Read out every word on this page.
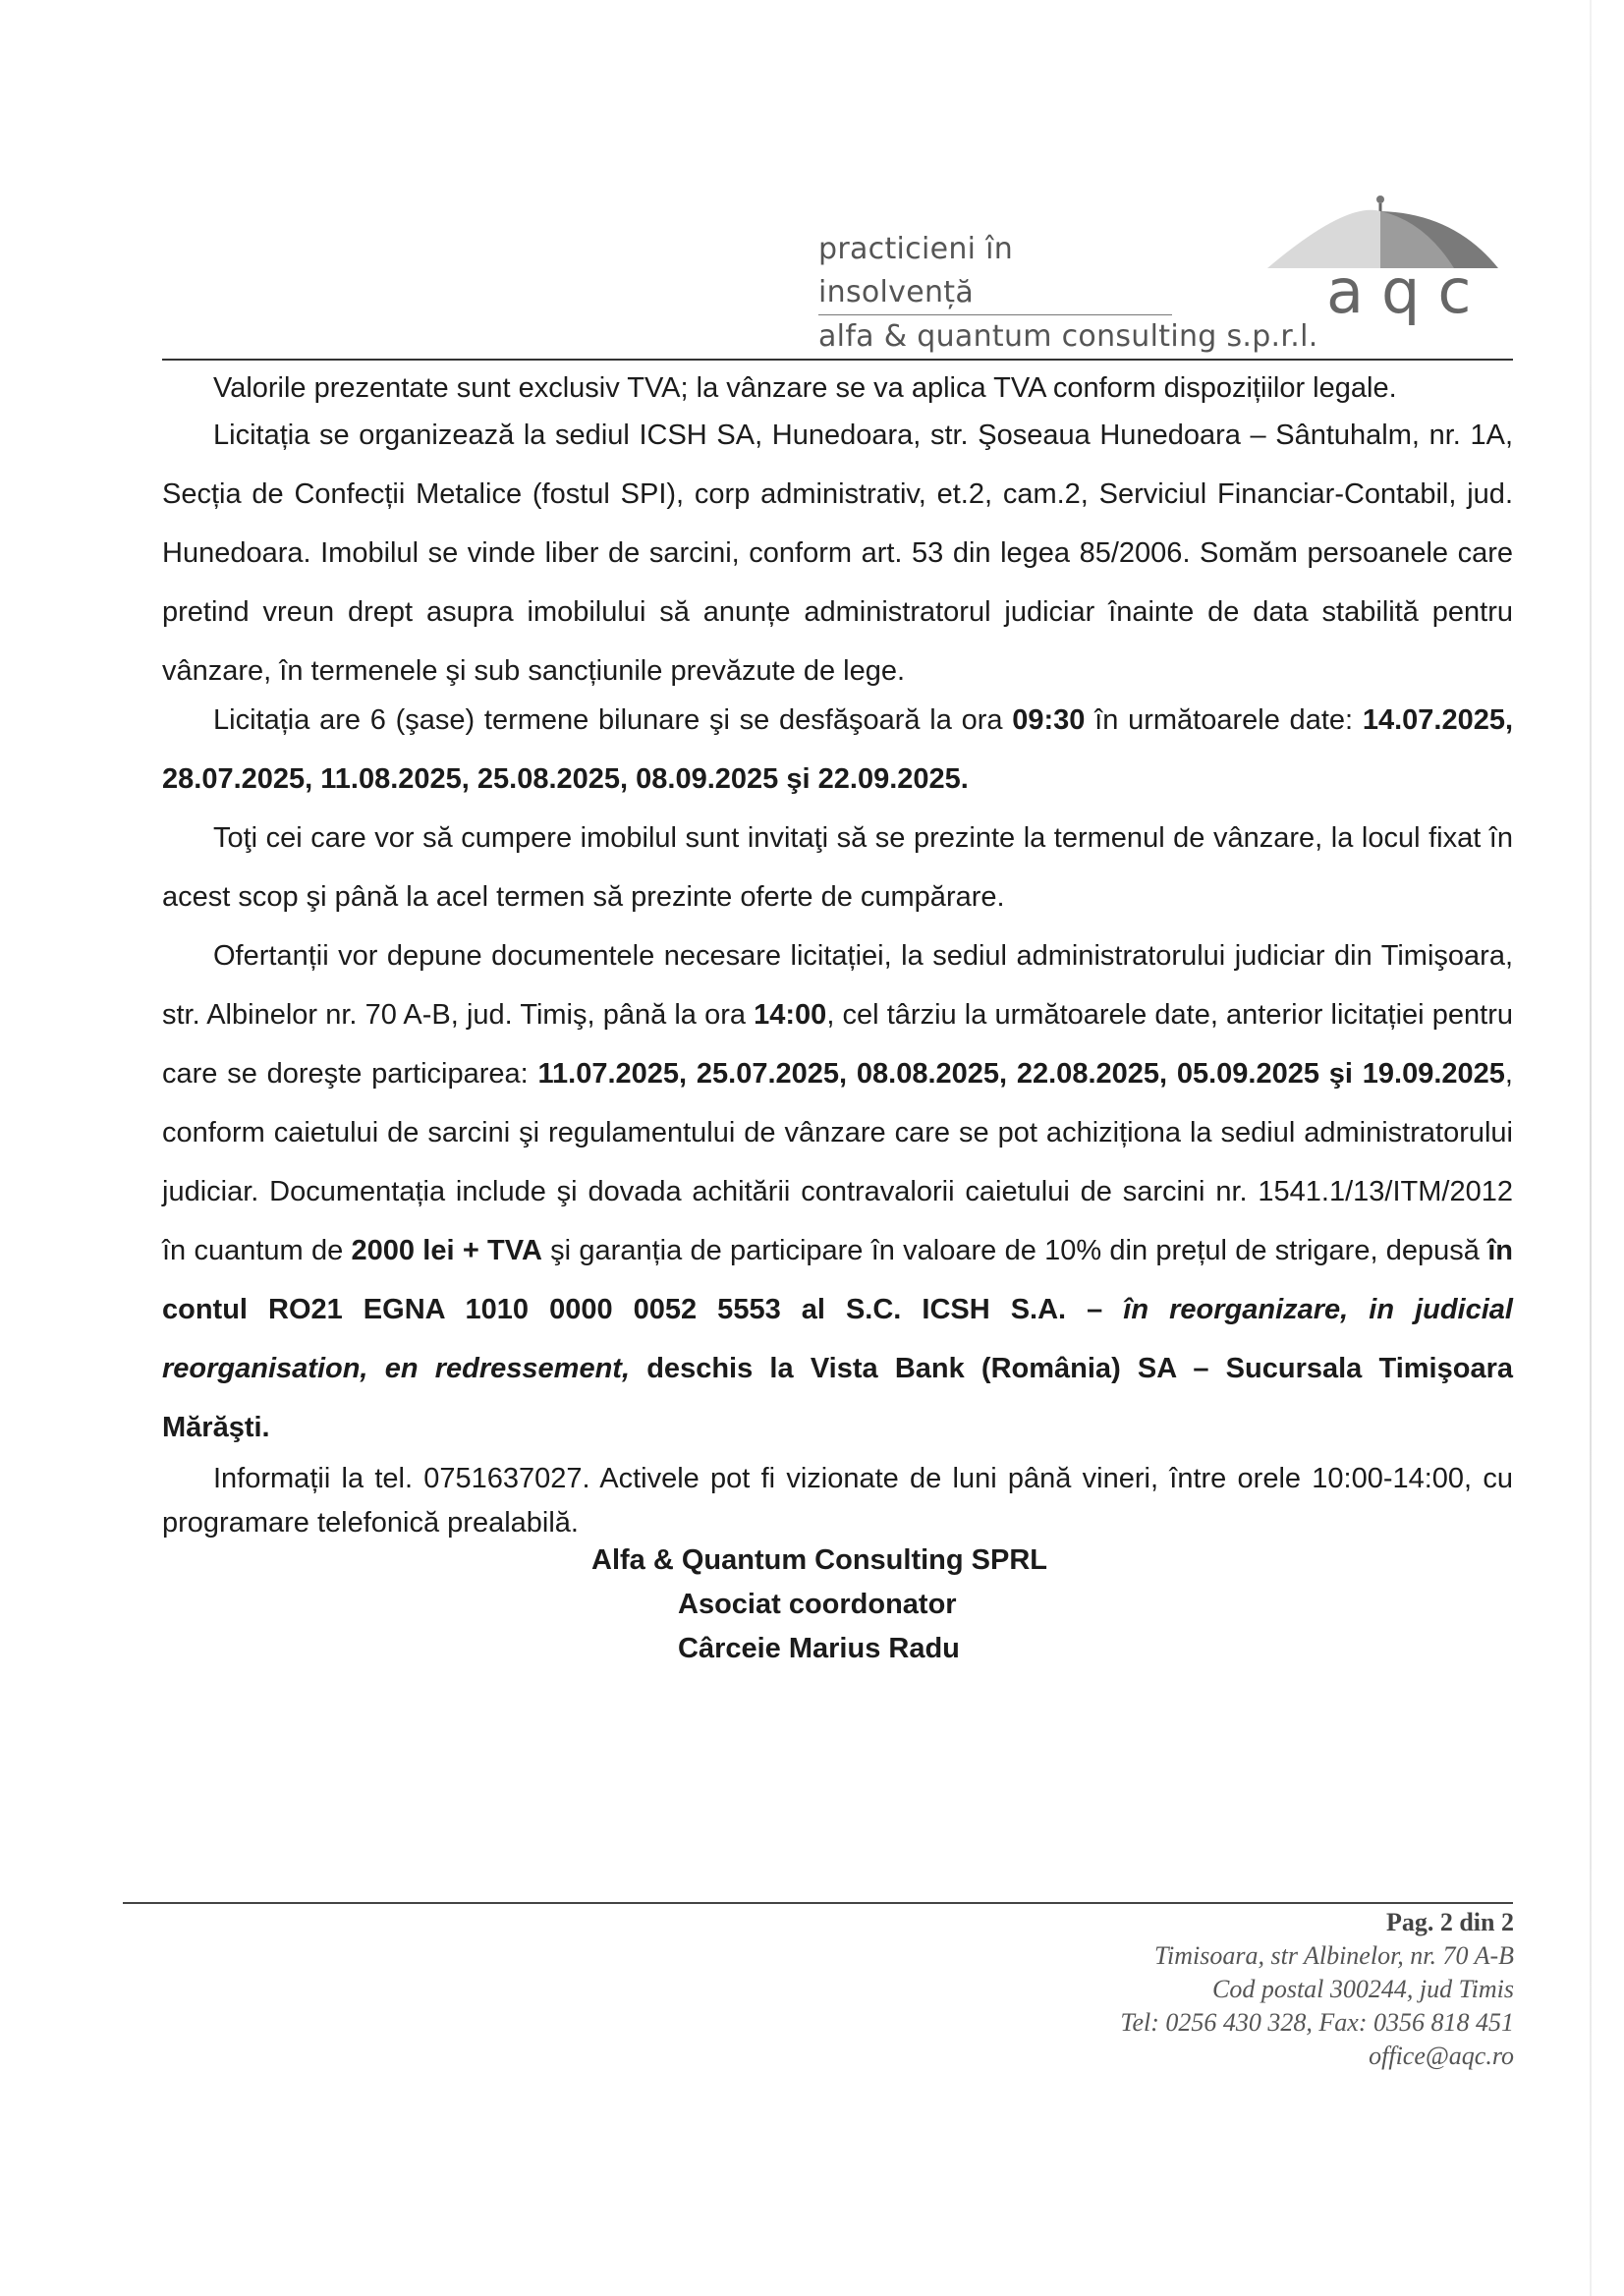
practicieni în insolvență
alfa & quantum consulting s.p.r.l.
aqc

Valorile prezentate sunt exclusiv TVA; la vânzare se va aplica TVA conform dispozițiilor legale.

Licitația se organizează la sediul ICSH SA, Hunedoara, str. Şoseaua Hunedoara – Sântuhalm, nr. 1A, Secția de Confecții Metalice (fostul SPI), corp administrativ, et.2, cam.2, Serviciul Financiar-Contabil, jud. Hunedoara. Imobilul se vinde liber de sarcini, conform art. 53 din legea 85/2006. Somăm persoanele care pretind vreun drept asupra imobilului să anunțe administratorul judiciar înainte de data stabilită pentru vânzare, în termenele şi sub sancțiunile prevăzute de lege.

Licitația are 6 (şase) termene bilunare şi se desfăşoară la ora 09:30 în următoarele date: 14.07.2025, 28.07.2025, 11.08.2025, 25.08.2025, 08.09.2025 şi 22.09.2025.

Toţi cei care vor să cumpere imobilul sunt invitaţi să se prezinte la termenul de vânzare, la locul fixat în acest scop şi până la acel termen să prezinte oferte de cumpărare.

Ofertanții vor depune documentele necesare licitației, la sediul administratorului judiciar din Timişoara, str. Albinelor nr. 70 A-B, jud. Timiş, până la ora 14:00, cel târziu la următoarele date, anterior licitației pentru care se doreşte participarea: 11.07.2025, 25.07.2025, 08.08.2025, 22.08.2025, 05.09.2025 şi 19.09.2025, conform caietului de sarcini şi regulamentului de vânzare care se pot achiziționa la sediul administratorului judiciar. Documentația include şi dovada achitării contravalorii caietului de sarcini nr. 1541.1/13/ITM/2012 în cuantum de 2000 lei + TVA şi garanția de participare în valoare de 10% din prețul de strigare, depusă în contul RO21 EGNA 1010 0000 0052 5553 al S.C. ICSH S.A. – în reorganizare, in judicial reorganisation, en redressement, deschis la Vista Bank (România) SA – Sucursala Timişoara Mărăşti.

Informații la tel. 0751637027. Activele pot fi vizionate de luni până vineri, între orele 10:00-14:00, cu programare telefonică prealabilă.

Alfa & Quantum Consulting SPRL
Asociat coordonator
Cârceie Marius Radu
Pag. 2 din 2
Timisoara, str Albinelor, nr. 70 A-B
Cod postal 300244, jud Timis
Tel: 0256 430 328, Fax: 0356 818 451
office@aqc.ro
